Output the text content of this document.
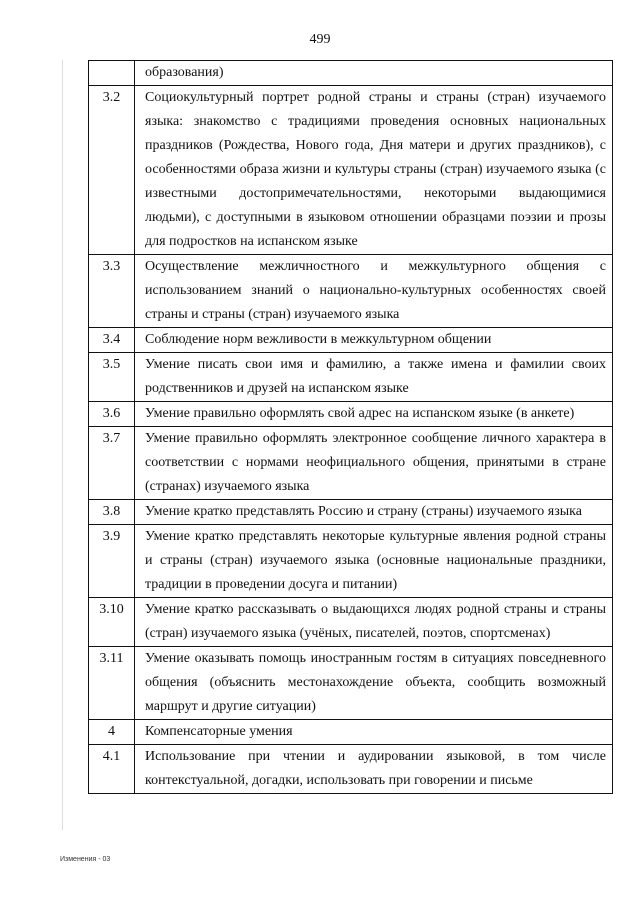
499
	образования)
3.2	Социокультурный портрет родной страны и страны (стран) изучаемого языка: знакомство с традициями проведения основных национальных праздников (Рождества, Нового года, Дня матери и других праздников), с особенностями образа жизни и культуры страны (стран) изучаемого языка (с известными достопримечательностями, некоторыми выдающимися людьми), с доступными в языковом отношении образцами поэзии и прозы для подростков на испанском языке
3.3	Осуществление межличностного и межкультурного общения с использованием знаний о национально-культурных особенностях своей страны и страны (стран) изучаемого языка
3.4	Соблюдение норм вежливости в межкультурном общении
3.5	Умение писать свои имя и фамилию, а также имена и фамилии своих родственников и друзей на испанском языке
3.6	Умение правильно оформлять свой адрес на испанском языке (в анкете)
3.7	Умение правильно оформлять электронное сообщение личного характера в соответствии с нормами неофициального общения, принятыми в стране (странах) изучаемого языка
3.8	Умение кратко представлять Россию и страну (страны) изучаемого языка
3.9	Умение кратко представлять некоторые культурные явления родной страны и страны (стран) изучаемого языка (основные национальные праздники, традиции в проведении досуга и питании)
3.10	Умение кратко рассказывать о выдающихся людях родной страны и страны (стран) изучаемого языка (учёных, писателей, поэтов, спортсменах)
3.11	Умение оказывать помощь иностранным гостям в ситуациях повседневного общения (объяснить местонахождение объекта, сообщить возможный маршрут и другие ситуации)
4	Компенсаторные умения
4.1	Использование при чтении и аудировании языковой, в том числе контекстуальной, догадки, использовать при говорении и письме
Изменения - 03
